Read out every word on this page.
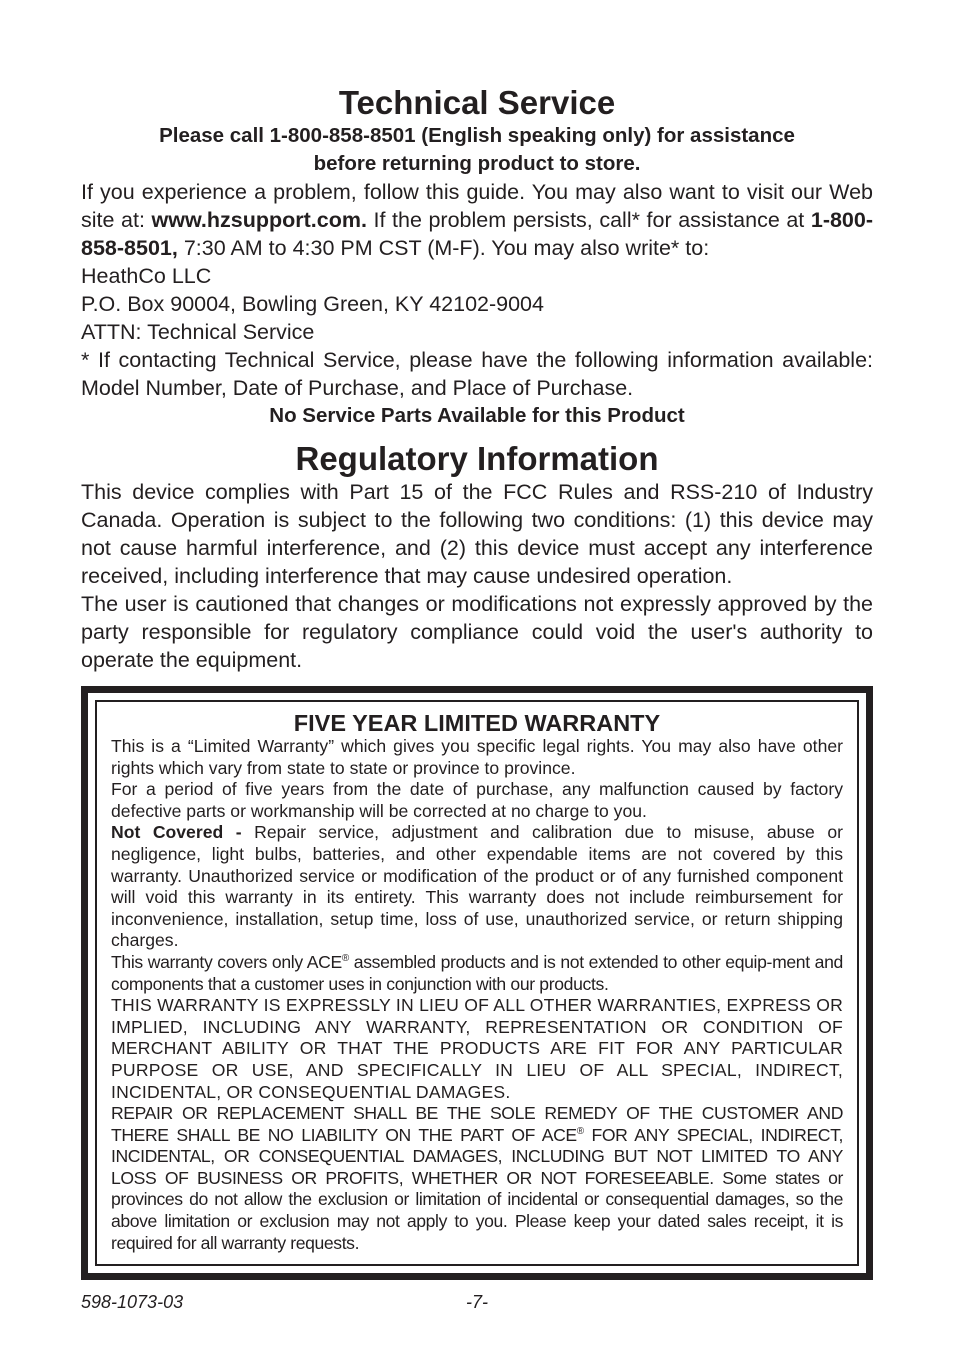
Technical Service
Please call 1-800-858-8501 (English speaking only) for assistance
before returning product to store.
If you experience a problem, follow this guide. You may also want to visit our Web site at: www.hzsupport.com. If the problem persists, call* for assistance at 1-800-858-8501, 7:30 AM to 4:30 PM CST (M-F). You may also write* to:
HeathCo LLC
P.O. Box 90004, Bowling Green, KY 42102-9004
ATTN: Technical Service
* If contacting Technical Service, please have the following information available: Model Number, Date of Purchase, and Place of Purchase.
No Service Parts Available for this Product
Regulatory Information
This device complies with Part 15 of the FCC Rules and RSS-210 of Industry Canada. Operation is subject to the following two conditions: (1) this device may not cause harmful interference, and (2) this device must accept any interference received, including interference that may cause undesired operation.
The user is cautioned that changes or modifications not expressly approved by the party responsible for regulatory compliance could void the user's authority to operate the equipment.
FIVE YEAR LIMITED WARRANTY
This is a “Limited Warranty” which gives you specific legal rights. You may also have other rights which vary from state to state or province to province.
For a period of five years from the date of purchase, any malfunction caused by factory defective parts or workmanship will be corrected at no charge to you.
Not Covered - Repair service, adjustment and calibration due to misuse, abuse or negligence, light bulbs, batteries, and other expendable items are not covered by this warranty. Unauthorized service or modification of the product or of any furnished component will void this warranty in its entirety. This warranty does not include reimbursement for inconvenience, installation, setup time, loss of use, unauthorized service, or return shipping charges.
This warranty covers only ACE® assembled products and is not extended to other equip-ment and components that a customer uses in conjunction with our products.
THIS WARRANTY IS EXPRESSLY IN LIEU OF ALL OTHER WARRANTIES, EXPRESS OR IMPLIED, INCLUDING ANY WARRANTY, REPRESENTATION OR CONDITION OF MERCHANT ABILITY OR THAT THE PRODUCTS ARE FIT FOR ANY PARTICULAR PURPOSE OR USE, AND SPECIFICALLY IN LIEU OF ALL SPECIAL, INDIRECT, INCIDENTAL, OR CONSEQUENTIAL DAMAGES.
REPAIR OR REPLACEMENT SHALL BE THE SOLE REMEDY OF THE CUSTOMER AND THERE SHALL BE NO LIABILITY ON THE PART OF ACE® FOR ANY SPECIAL, INDIRECT, INCIDENTAL, OR CONSEQUENTIAL DAMAGES, INCLUDING BUT NOT LIMITED TO ANY LOSS OF BUSINESS OR PROFITS, WHETHER OR NOT FORESEEABLE. Some states or provinces do not allow the exclusion or limitation of incidental or consequential damages, so the above limitation or exclusion may not apply to you. Please keep your dated sales receipt, it is required for all warranty requests.
598-1073-03	-7-
